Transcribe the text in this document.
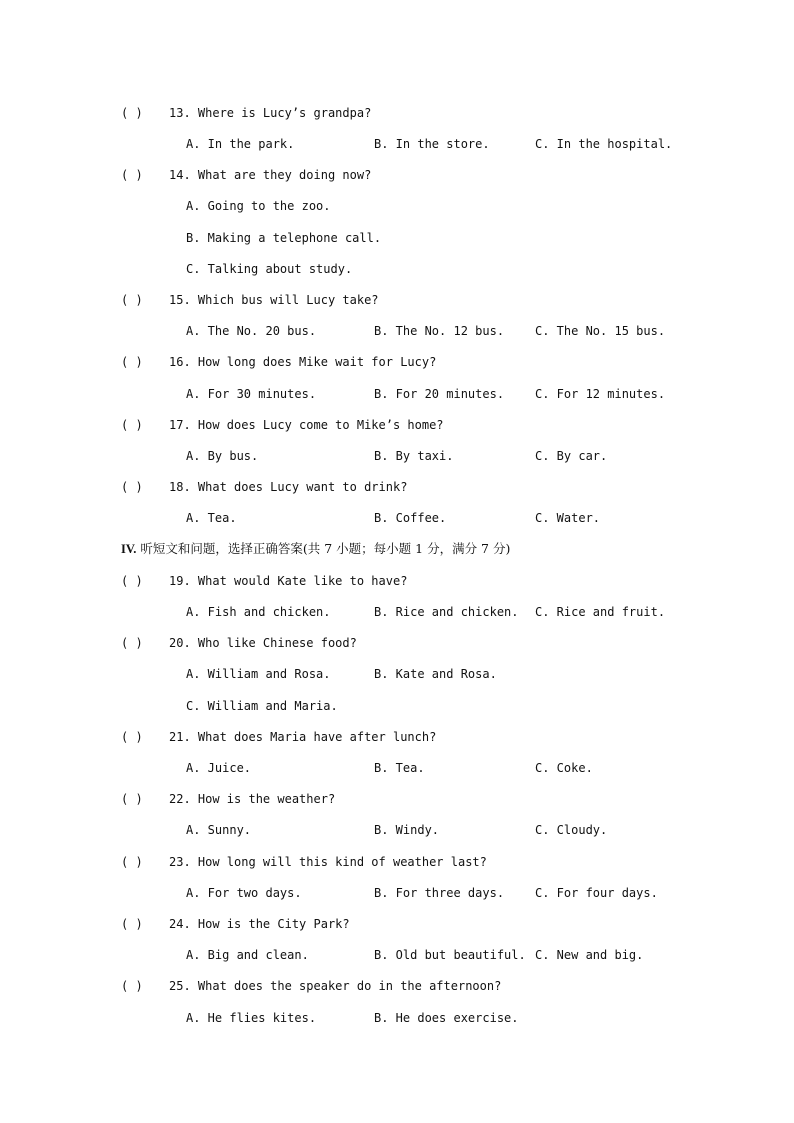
( ) 13. Where is Lucy’s grandpa?
A. In the park.	B. In the store.	C. In the hospital.
( ) 14. What are they doing now?
A. Going to the zoo.
B. Making a telephone call.
C. Talking about study.
( ) 15. Which bus will Lucy take?
A. The No. 20 bus.	B. The No. 12 bus.	C. The No. 15 bus.
( ) 16. How long does Mike wait for Lucy?
A. For 30 minutes.	B. For 20 minutes.	C. For 12 minutes.
( ) 17. How does Lucy come to Mike’s home?
A. By bus.	B. By taxi.	C. By car.
( ) 18. What does Lucy want to drink?
A. Tea.	B. Coffee.	C. Water.
IV. 听短文和问题，选择正确答案(共 7 小题；每小题 1 分，满分 7 分)
( ) 19. What would Kate like to have?
A. Fish and chicken.	B. Rice and chicken. C. Rice and fruit.
( ) 20. Who like Chinese food?
A. William and Rosa.	B. Kate and Rosa.
C. William and Maria.
( ) 21. What does Maria have after lunch?
A. Juice.	B. Tea.	C. Coke.
( ) 22. How is the weather?
A. Sunny.	B. Windy.	C. Cloudy.
( ) 23. How long will this kind of weather last?
A. For two days.	B. For three days.	C. For four days.
( ) 24. How is the City Park?
A. Big and clean.	B. Old but beautiful. C. New and big.
( ) 25. What does the speaker do in the afternoon?
A. He flies kites.	B. He does exercise.
